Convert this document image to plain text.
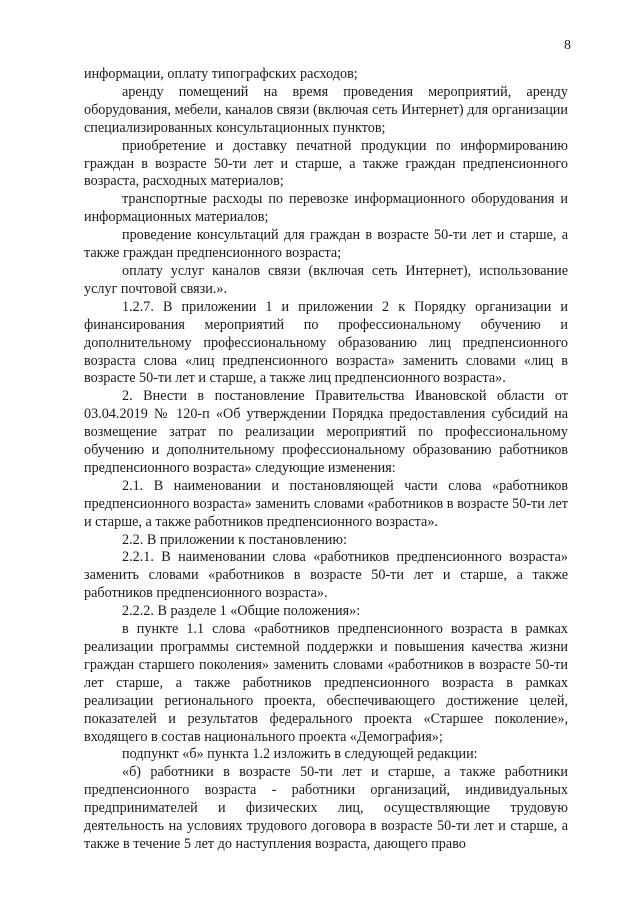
8

информации, оплату типографских расходов;

аренду помещений на время проведения мероприятий, аренду оборудования, мебели, каналов связи (включая сеть Интернет) для организации специализированных консультационных пунктов;

приобретение и доставку печатной продукции по информированию граждан в возрасте 50-ти лет и старше, а также граждан предпенсионного возраста, расходных материалов;

транспортные расходы по перевозке информационного оборудования и информационных материалов;

проведение консультаций для граждан в возрасте 50-ти лет и старше, а также граждан предпенсионного возраста;

оплату услуг каналов связи (включая сеть Интернет), использование услуг почтовой связи.».

1.2.7. В приложении 1 и приложении 2 к Порядку организации и финансирования мероприятий по профессиональному обучению и дополнительному профессиональному образованию лиц предпенсионного возраста слова «лиц предпенсионного возраста» заменить словами «лиц в возрасте 50-ти лет и старше, а также лиц предпенсионного возраста».

2. Внести в постановление Правительства Ивановской области от 03.04.2019 № 120-п «Об утверждении Порядка предоставления субсидий на возмещение затрат по реализации мероприятий по профессиональному обучению и дополнительному профессиональному образованию работников предпенсионного возраста» следующие изменения:

2.1. В наименовании и постановляющей части слова «работников предпенсионного возраста» заменить словами «работников в возрасте 50-ти лет и старше, а также работников предпенсионного возраста».

2.2. В приложении к постановлению:

2.2.1. В наименовании слова «работников предпенсионного возраста» заменить словами «работников в возрасте 50-ти лет и старше, а также работников предпенсионного возраста».

2.2.2. В разделе 1 «Общие положения»:

в пункте 1.1 слова «работников предпенсионного возраста в рамках реализации программы системной поддержки и повышения качества жизни граждан старшего поколения» заменить словами «работников в возрасте 50-ти лет старше, а также работников предпенсионного возраста в рамках реализации регионального проекта, обеспечивающего достижение целей, показателей и результатов федерального проекта «Старшее поколение», входящего в состав национального проекта «Демография»;

подпункт «б» пункта 1.2 изложить в следующей редакции:

«б) работники в возрасте 50-ти лет и старше, а также работники предпенсионного возраста - работники организаций, индивидуальных предпринимателей и физических лиц, осуществляющие трудовую деятельность на условиях трудового договора в возрасте 50-ти лет и старше, а также в течение 5 лет до наступления возраста, дающего право
